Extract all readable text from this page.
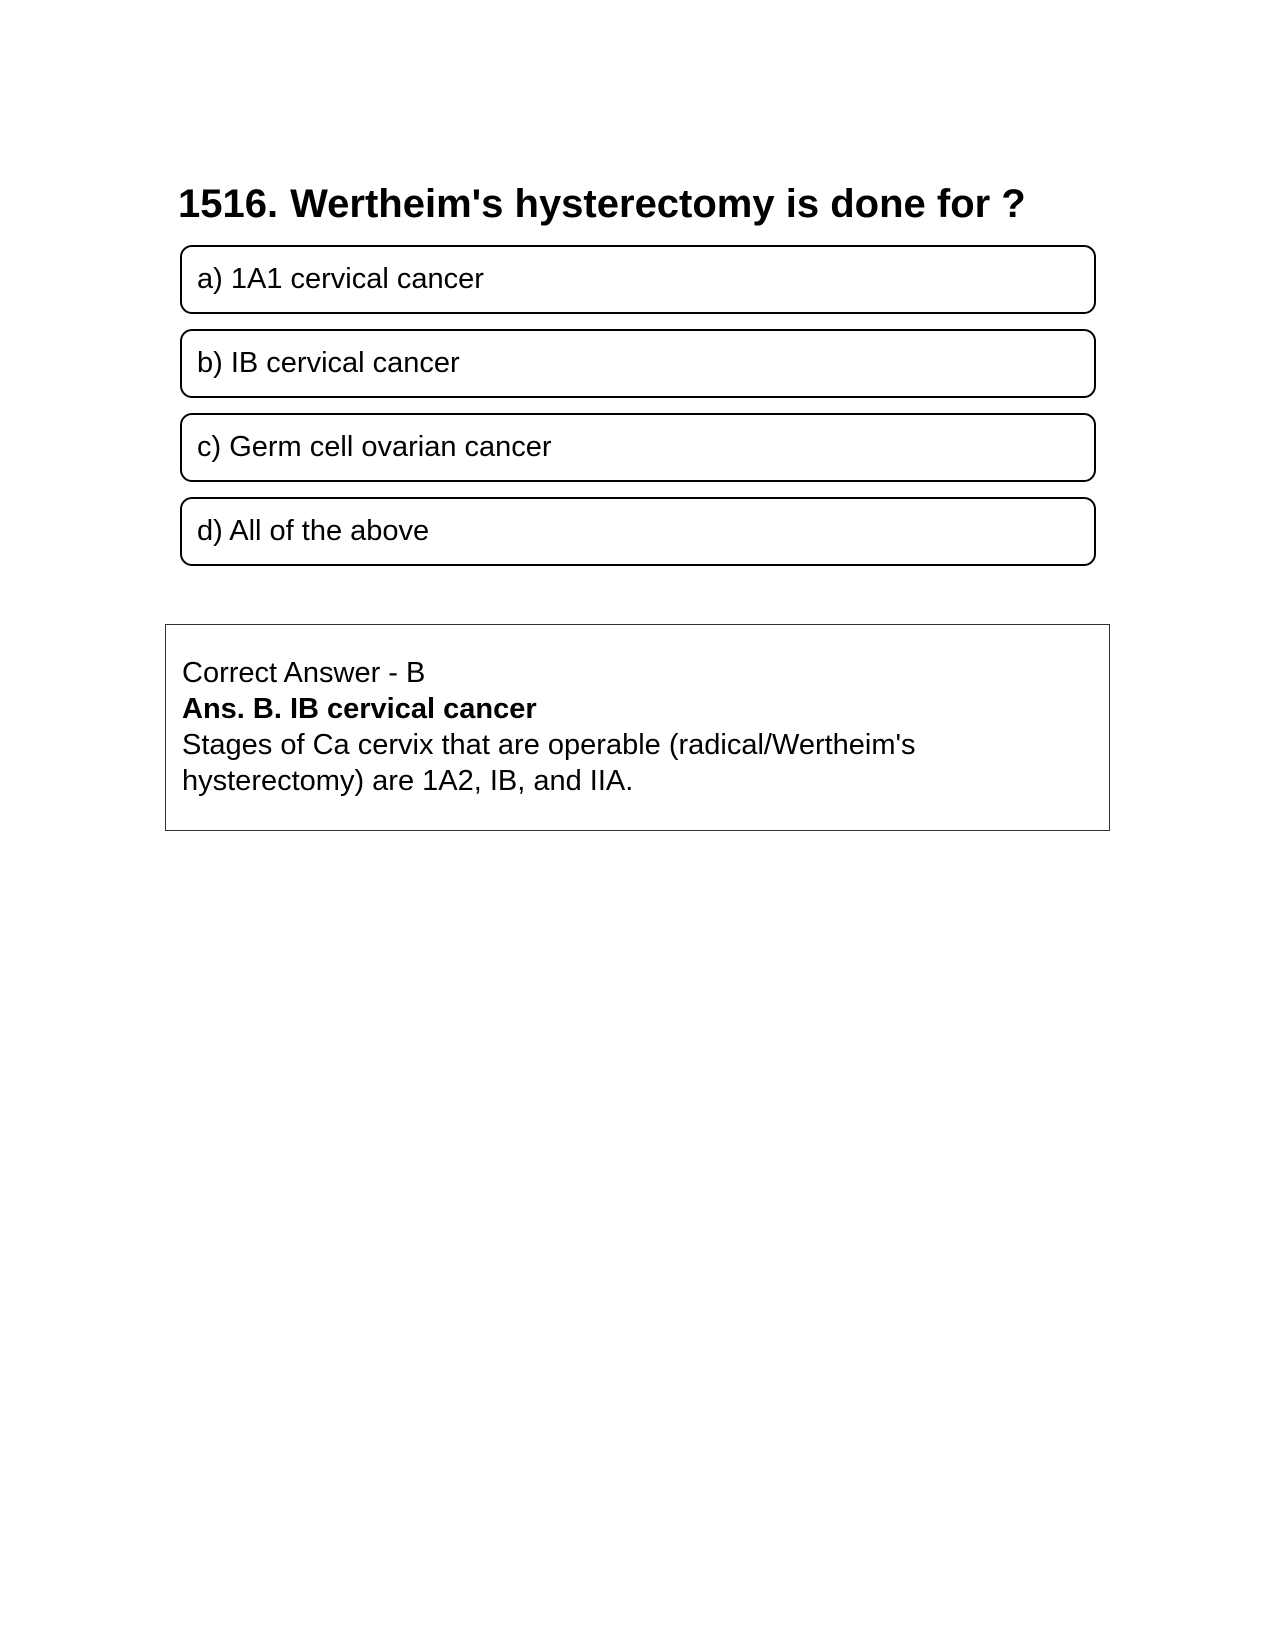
1516. Wertheim's hysterectomy is done for ?
a) 1A1 cervical cancer
b) IB cervical cancer
c) Germ cell ovarian cancer
d) All of the above

Correct Answer - B

Ans. B. IB cervical cancer

Stages of Ca cervix that are operable (radical/Wertheim's hysterectomy) are 1A2, IB, and IIA.
